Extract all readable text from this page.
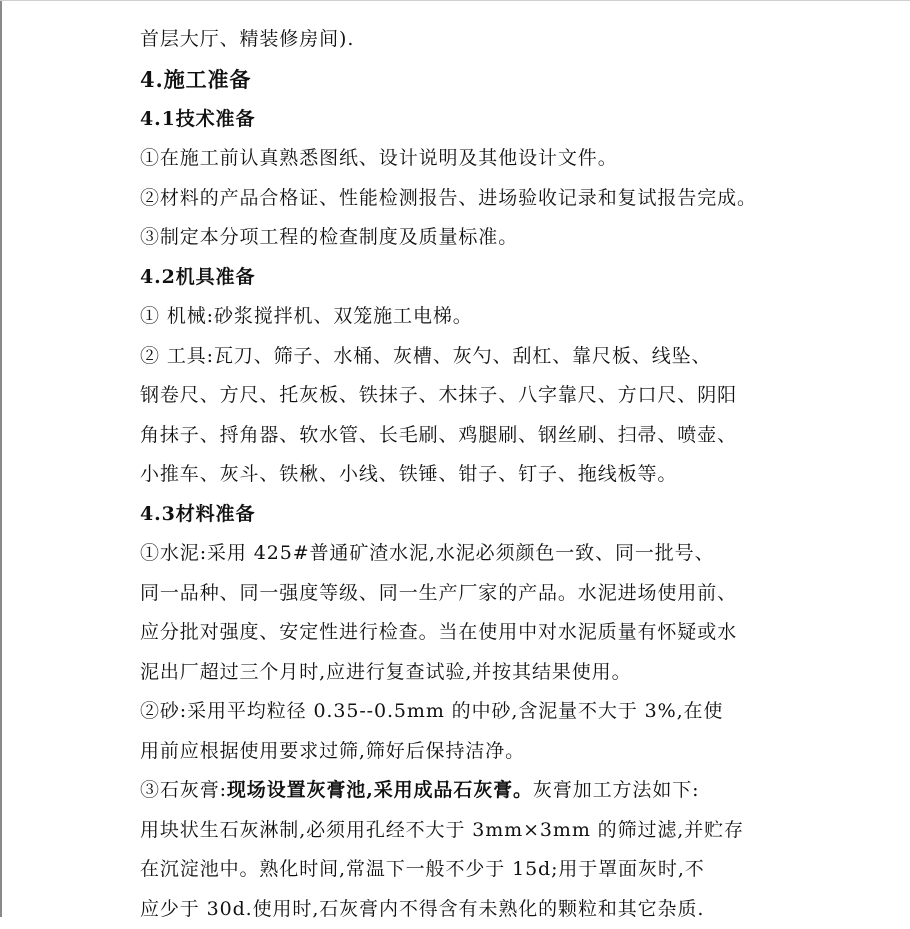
首层大厅、精装修房间).
4.施工准备
4.1技术准备
①在施工前认真熟悉图纸、设计说明及其他设计文件。
②材料的产品合格证、性能检测报告、进场验收记录和复试报告完成。
③制定本分项工程的检查制度及质量标准。
4.2机具准备
① 机械:砂浆搅拌机、双笼施工电梯。
② 工具:瓦刀、筛子、水桶、灰槽、灰勺、刮杠、靠尺板、线坠、
钢卷尺、方尺、托灰板、铁抹子、木抹子、八字靠尺、方口尺、阴阳
角抹子、捋角器、软水管、长毛刷、鸡腿刷、钢丝刷、扫帚、喷壶、
小推车、灰斗、铁楸、小线、铁锤、钳子、钉子、拖线板等。
4.3材料准备
①水泥:采用 425#普通矿渣水泥,水泥必须颜色一致、同一批号、
同一品种、同一强度等级、同一生产厂家的产品。水泥进场使用前、
应分批对强度、安定性进行检查。当在使用中对水泥质量有怀疑或水
泥出厂超过三个月时,应进行复查试验,并按其结果使用。
②砂:采用平均粒径 0.35--0.5mm 的中砂,含泥量不大于 3%,在使
用前应根据使用要求过筛,筛好后保持洁净。
③石灰膏:现场设置灰膏池,采用成品石灰膏。灰膏加工方法如下:
用块状生石灰淋制,必须用孔经不大于 3mm×3mm 的筛过滤,并贮存
在沉淀池中。熟化时间,常温下一般不少于 15d;用于罩面灰时,不
应少于 30d.使用时,石灰膏内不得含有未熟化的颗粒和其它杂质.
